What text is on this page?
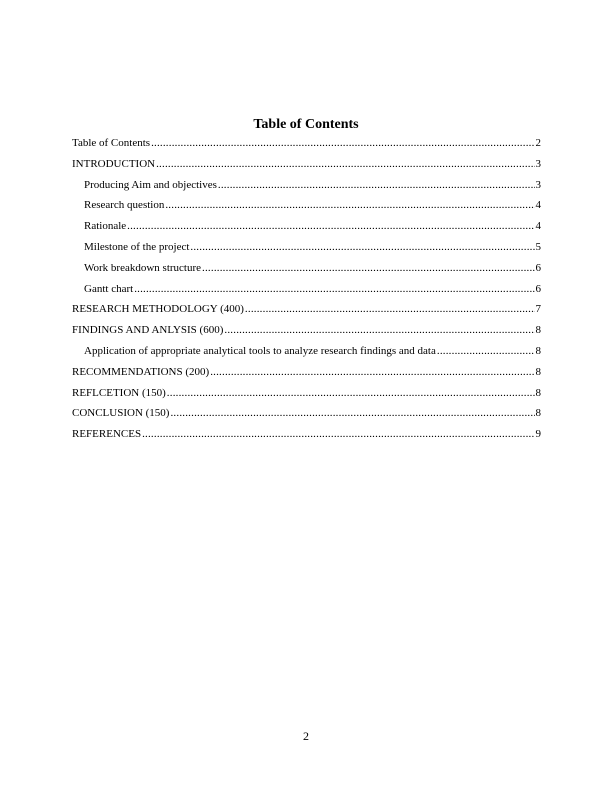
Table of Contents
Table of Contents .....	2
INTRODUCTION .....	3
Producing Aim and objectives .....	3
Research question .....	4
Rationale .....	4
Milestone of the project .....	5
Work breakdown structure .....	6
Gantt chart .....	6
RESEARCH METHODOLOGY (400) .....	7
FINDINGS AND ANLYSIS (600) .....	8
Application of appropriate analytical tools to analyze research findings and data .....	8
RECOMMENDATIONS (200) .....	8
REFLCETION (150) .....	8
CONCLUSION (150) .....	8
REFERENCES .....	9
2
